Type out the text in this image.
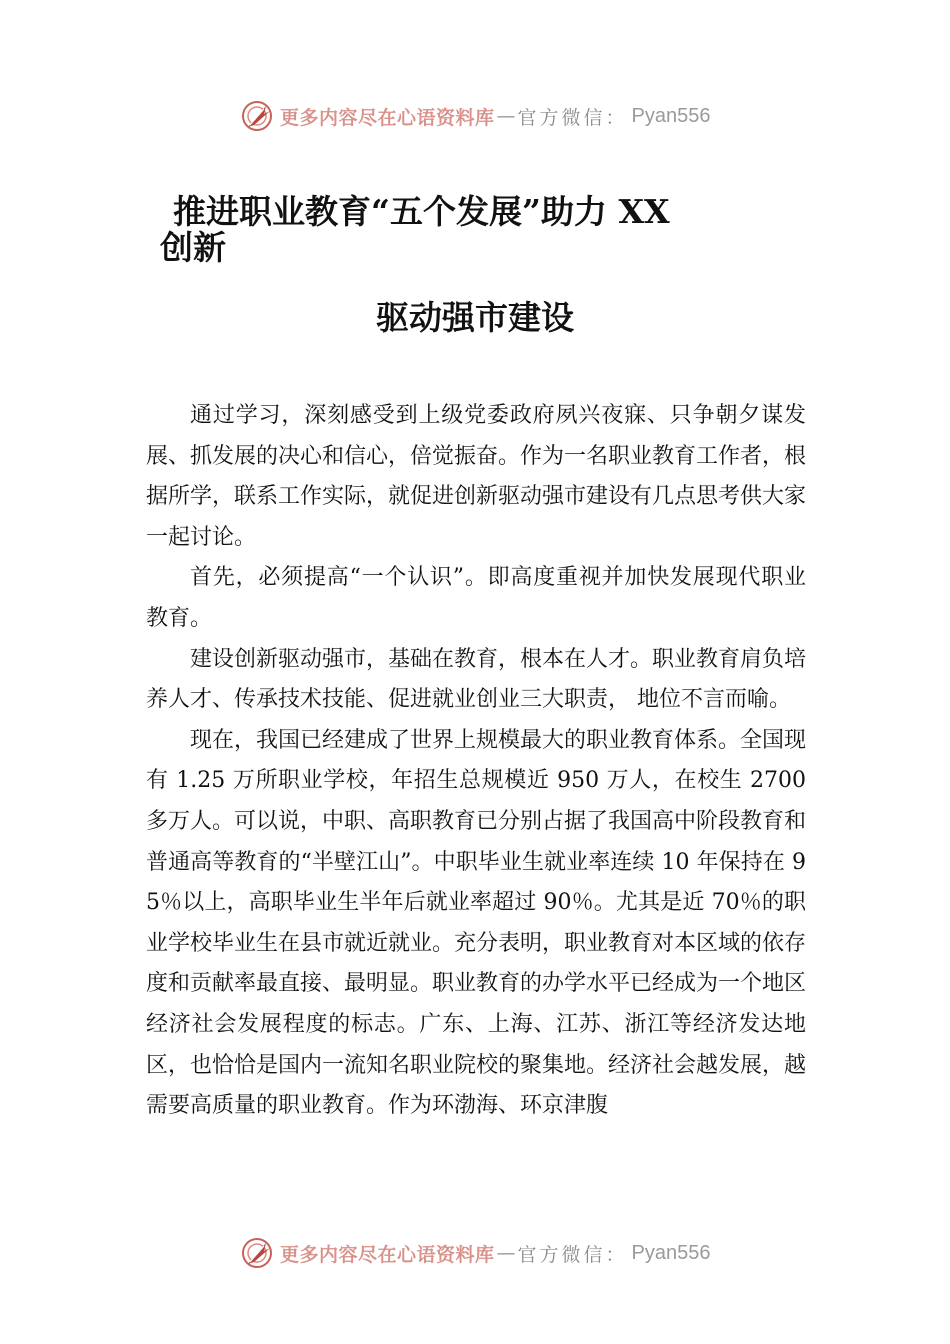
更多内容尽在心语资料库 — 官方微信： Pyan556
推进职业教育“五个发展”助力 XX
创新
驱动强市建设

通过学习，深刻感受到上级党委政府夙兴夜寐、只争朝夕谋发展、抓发展的决心和信心，倍觉振奋。作为一名职业教育工作者，根据所学，联系工作实际，就促进创新驱动强市建设有几点思考供大家一起讨论。

首先，必须提高“一个认识”。即高度重视并加快发展现代职业教育。

建设创新驱动强市，基础在教育，根本在人才。职业教育肩负培养人才、传承技术技能、促进就业创业三大职责， 地位不言而喻。

现在，我国已经建成了世界上规模最大的职业教育体系。全国现有 1.25 万所职业学校，年招生总规模近 950 万人，在校生 2700 多万人。可以说，中职、高职教育已分别占据了我国高中阶段教育和普通高等教育的“半壁江山”。中职毕业生就业率连续 10 年保持在 95％以上，高职毕业生半年后就业率超过 90％。尤其是近 70％的职业学校毕业生在县市就近就业。充分表明，职业教育对本区域的依存度和贡献率最直接、最明显。职业教育的办学水平已经成为一个地区经济社会发展程度的标志。广东、上海、江苏、浙江等经济发达地区，也恰恰是国内一流知名职业院校的聚集地。经济社会越发展，越需要高质量的职业教育。作为环渤海、环京津腹

更多内容尽在心语资料库 — 官方微信： Pyan556
